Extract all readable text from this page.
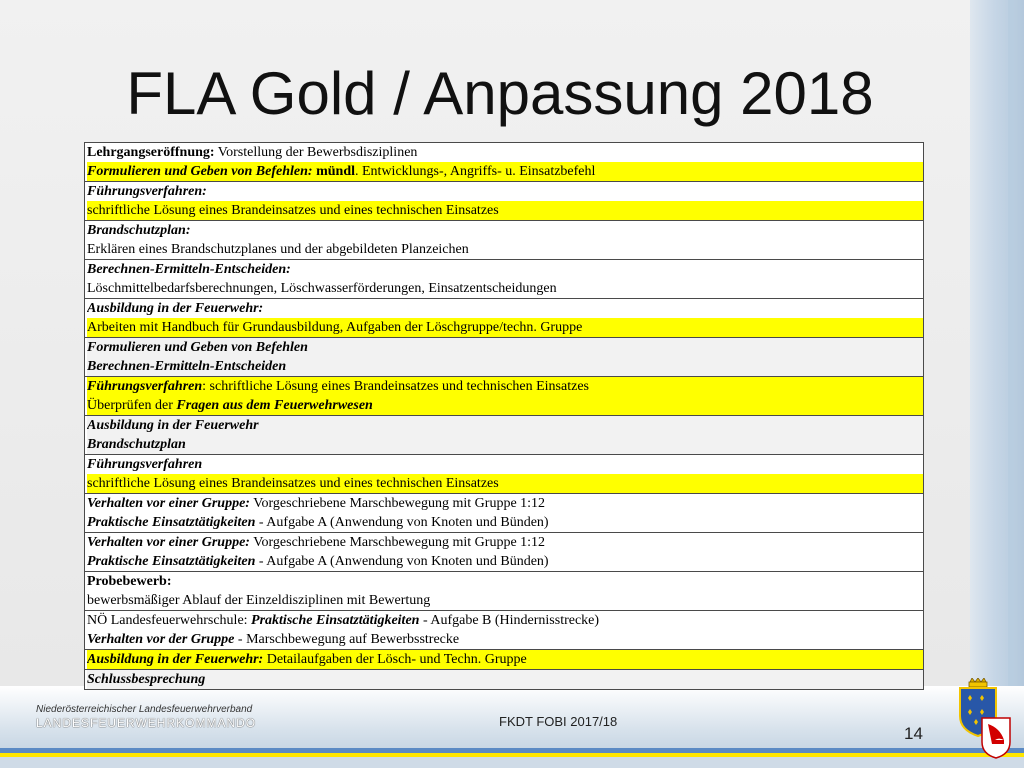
FLA Gold / Anpassung 2018
Lehrgangseröffnung: Vorstellung der Bewerbsdisziplinen
Formulieren und Geben von Befehlen: mündl. Entwicklungs-, Angriffs- u. Einsatzbefehl

Führungsverfahren:
schriftliche Lösung eines Brandeinsatzes und eines technischen Einsatzes

Brandschutzplan:
Erklären eines Brandschutzplanes und der abgebildeten Planzeichen

Berechnen-Ermitteln-Entscheiden:
Löschmittelbedarfsberechnungen, Löschwasserförderungen, Einsatzentscheidungen

Ausbildung in der Feuerwehr:
Arbeiten mit Handbuch für Grundausbildung, Aufgaben der Löschgruppe/techn. Gruppe

Formulieren und Geben von Befehlen
Berechnen-Ermitteln-Entscheiden

Führungsverfahren: schriftliche Lösung eines Brandeinsatzes und technischen Einsatzes
Überprüfen der Fragen aus dem Feuerwehrwesen

Ausbildung in der Feuerwehr
Brandschutzplan

Führungsverfahren
schriftliche Lösung eines Brandeinsatzes und eines technischen Einsatzes

Verhalten vor einer Gruppe: Vorgeschriebene Marschbewegung mit Gruppe 1:12
Praktische Einsatztätigkeiten - Aufgabe A (Anwendung von Knoten und Bünden)

Verhalten vor einer Gruppe: Vorgeschriebene Marschbewegung mit Gruppe 1:12
Praktische Einsatztätigkeiten - Aufgabe A (Anwendung von Knoten und Bünden)

Probebewerb:
bewerbsmäßiger Ablauf der Einzeldisziplinen mit Bewertung

NÖ Landesfeuerwehrschule: Praktische Einsatztätigkeiten - Aufgabe B (Hindernisstrecke)
Verhalten vor der Gruppe - Marschbewegung auf Bewerbsstrecke

Ausbildung in der Feuerwehr: Detailaufgaben der Lösch- und Techn. Gruppe

Schlussbesprechung
Niederösterreichischer Landesfeuerwehrverband
LANDESFEUERWEHRKOMMANDO	FKDT FOBI 2017/18
14
